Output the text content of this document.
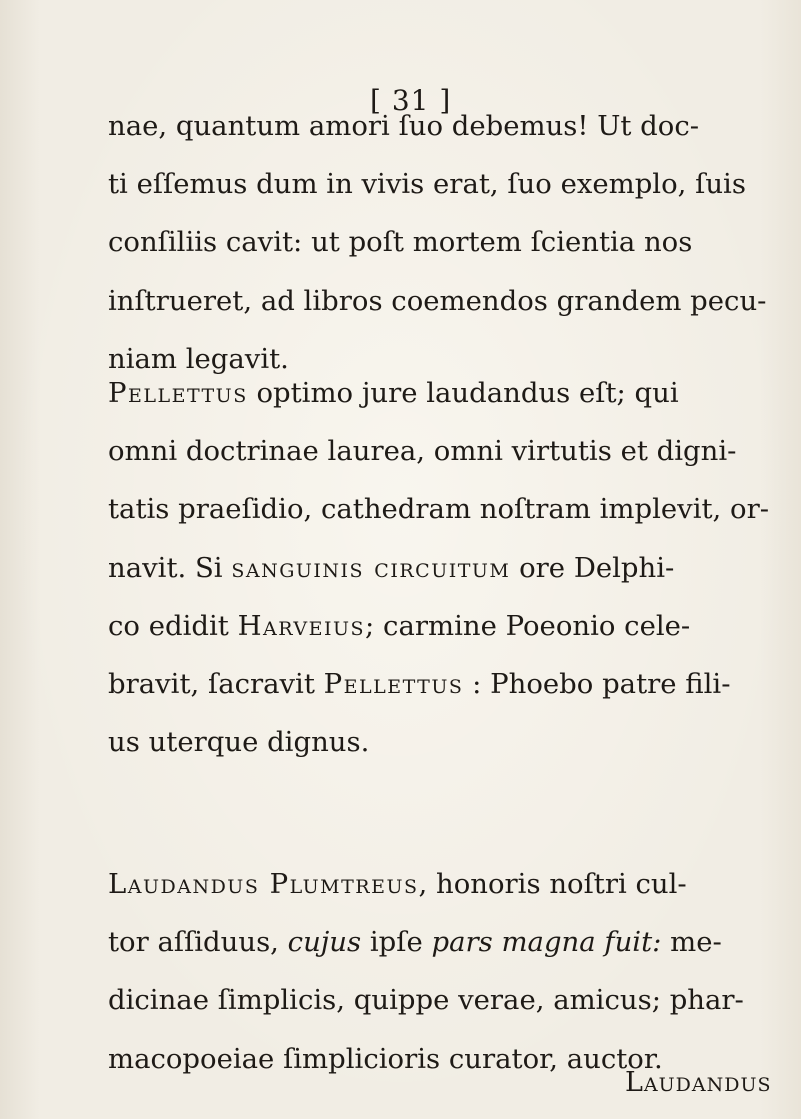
[ 31 ]
nae, quantum amori ſuo debemus! Ut doc-
ti eſſemus dum in vivis erat, ſuo exemplo, ſuis
conſiliis cavit: ut poſt mortem ſcientia nos
inſtrueret, ad libros coemendos grandem pecu-
niam legavit.
Pellettus optimo jure laudandus eſt; qui
omni doctrinae laurea, omni virtutis et digni-
tatis praeſidio, cathedram noſtram implevit, or-
navit. Si sanguinis circuitum ore Delphi-
co edidit Harveius; carmine Poeonio cele-
bravit, ſacravit Pellettus : Phoebo patre fili-
us uterque dignus.
Laudandus Plumtreus, honoris noſtri cul-
tor aſſiduus, cujus ipſe pars magna fuit: me-
dicinae ſimplicis, quippe verae, amicus; phar-
macopoeiae ſimplicioris curator, auctor.
Laudandus
